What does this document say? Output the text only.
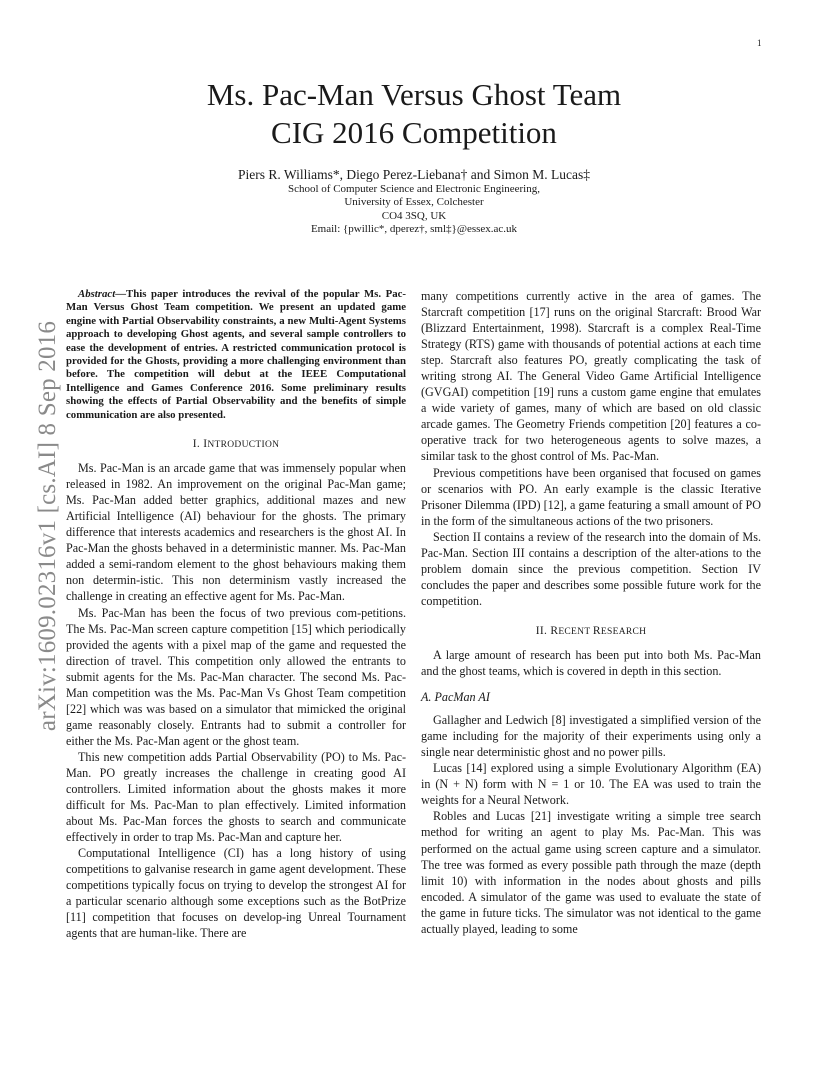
1
Ms. Pac-Man Versus Ghost Team
CIG 2016 Competition
Piers R. Williams*, Diego Perez-Liebana† and Simon M. Lucas‡
School of Computer Science and Electronic Engineering,
University of Essex, Colchester
CO4 3SQ, UK
Email: {pwillic*, dperez†, sml‡}@essex.ac.uk
arXiv:1609.02316v1 [cs.AI] 8 Sep 2016

Abstract—This paper introduces the revival of the popular Ms. Pac-Man Versus Ghost Team competition. We present an updated game engine with Partial Observability constraints, a new Multi-Agent Systems approach to developing Ghost agents, and several sample controllers to ease the development of entries. A restricted communication protocol is provided for the Ghosts, providing a more challenging environment than before. The competition will debut at the IEEE Computational Intelligence and Games Conference 2016. Some preliminary results showing the effects of Partial Observability and the benefits of simple communication are also presented.

I. INTRODUCTION

Ms. Pac-Man is an arcade game that was immensely popular when released in 1982. An improvement on the original Pac-Man game; Ms. Pac-Man added better graphics, additional mazes and new Artificial Intelligence (AI) behaviour for the ghosts. The primary difference that interests academics and researchers is the ghost AI. In Pac-Man the ghosts behaved in a deterministic manner. Ms. Pac-Man added a semi-random element to the ghost behaviours making them non determin-istic. This non determinism vastly increased the challenge in creating an effective agent for Ms. Pac-Man.

Ms. Pac-Man has been the focus of two previous com-petitions. The Ms. Pac-Man screen capture competition [15] which periodically provided the agents with a pixel map of the game and requested the direction of travel. This competition only allowed the entrants to submit agents for the Ms. Pac-Man character. The second Ms. Pac-Man competition was the Ms. Pac-Man Vs Ghost Team competition [22] which was was based on a simulator that mimicked the original game reasonably closely. Entrants had to submit a controller for either the Ms. Pac-Man agent or the ghost team.

This new competition adds Partial Observability (PO) to Ms. Pac-Man. PO greatly increases the challenge in creating good AI controllers. Limited information about the ghosts makes it more difficult for Ms. Pac-Man to plan effectively. Limited information about Ms. Pac-Man forces the ghosts to search and communicate effectively in order to trap Ms. Pac-Man and capture her.

Computational Intelligence (CI) has a long history of using competitions to galvanise research in game agent development. These competitions typically focus on trying to develop the strongest AI for a particular scenario although some exceptions such as the BotPrize [11] competition that focuses on develop-ing Unreal Tournament agents that are human-like. There are

many competitions currently active in the area of games. The Starcraft competition [17] runs on the original Starcraft: Brood War (Blizzard Entertainment, 1998). Starcraft is a complex Real-Time Strategy (RTS) game with thousands of potential actions at each time step. Starcraft also features PO, greatly complicating the task of writing strong AI. The General Video Game Artificial Intelligence (GVGAI) competition [19] runs a custom game engine that emulates a wide variety of games, many of which are based on old classic arcade games. The Geometry Friends competition [20] features a co-operative track for two heterogeneous agents to solve mazes, a similar task to the ghost control of Ms. Pac-Man.

Previous competitions have been organised that focused on games or scenarios with PO. An early example is the classic Iterative Prisoner Dilemma (IPD) [12], a game featuring a small amount of PO in the form of the simultaneous actions of the two prisoners.

Section II contains a review of the research into the domain of Ms. Pac-Man. Section III contains a description of the alter-ations to the problem domain since the previous competition. Section IV concludes the paper and describes some possible future work for the competition.

II. RECENT RESEARCH

A large amount of research has been put into both Ms. Pac-Man and the ghost teams, which is covered in depth in this section.

A. PacMan AI

Gallagher and Ledwich [8] investigated a simplified version of the game including for the majority of their experiments using only a single near deterministic ghost and no power pills.

Lucas [14] explored using a simple Evolutionary Algorithm (EA) in (N + N) form with N = 1 or 10. The EA was used to train the weights for a Neural Network.

Robles and Lucas [21] investigate writing a simple tree search method for writing an agent to play Ms. Pac-Man. This was performed on the actual game using screen capture and a simulator. The tree was formed as every possible path through the maze (depth limit 10) with information in the nodes about ghosts and pills encoded. A simulator of the game was used to evaluate the state of the game in future ticks. The simulator was not identical to the game actually played, leading to some
